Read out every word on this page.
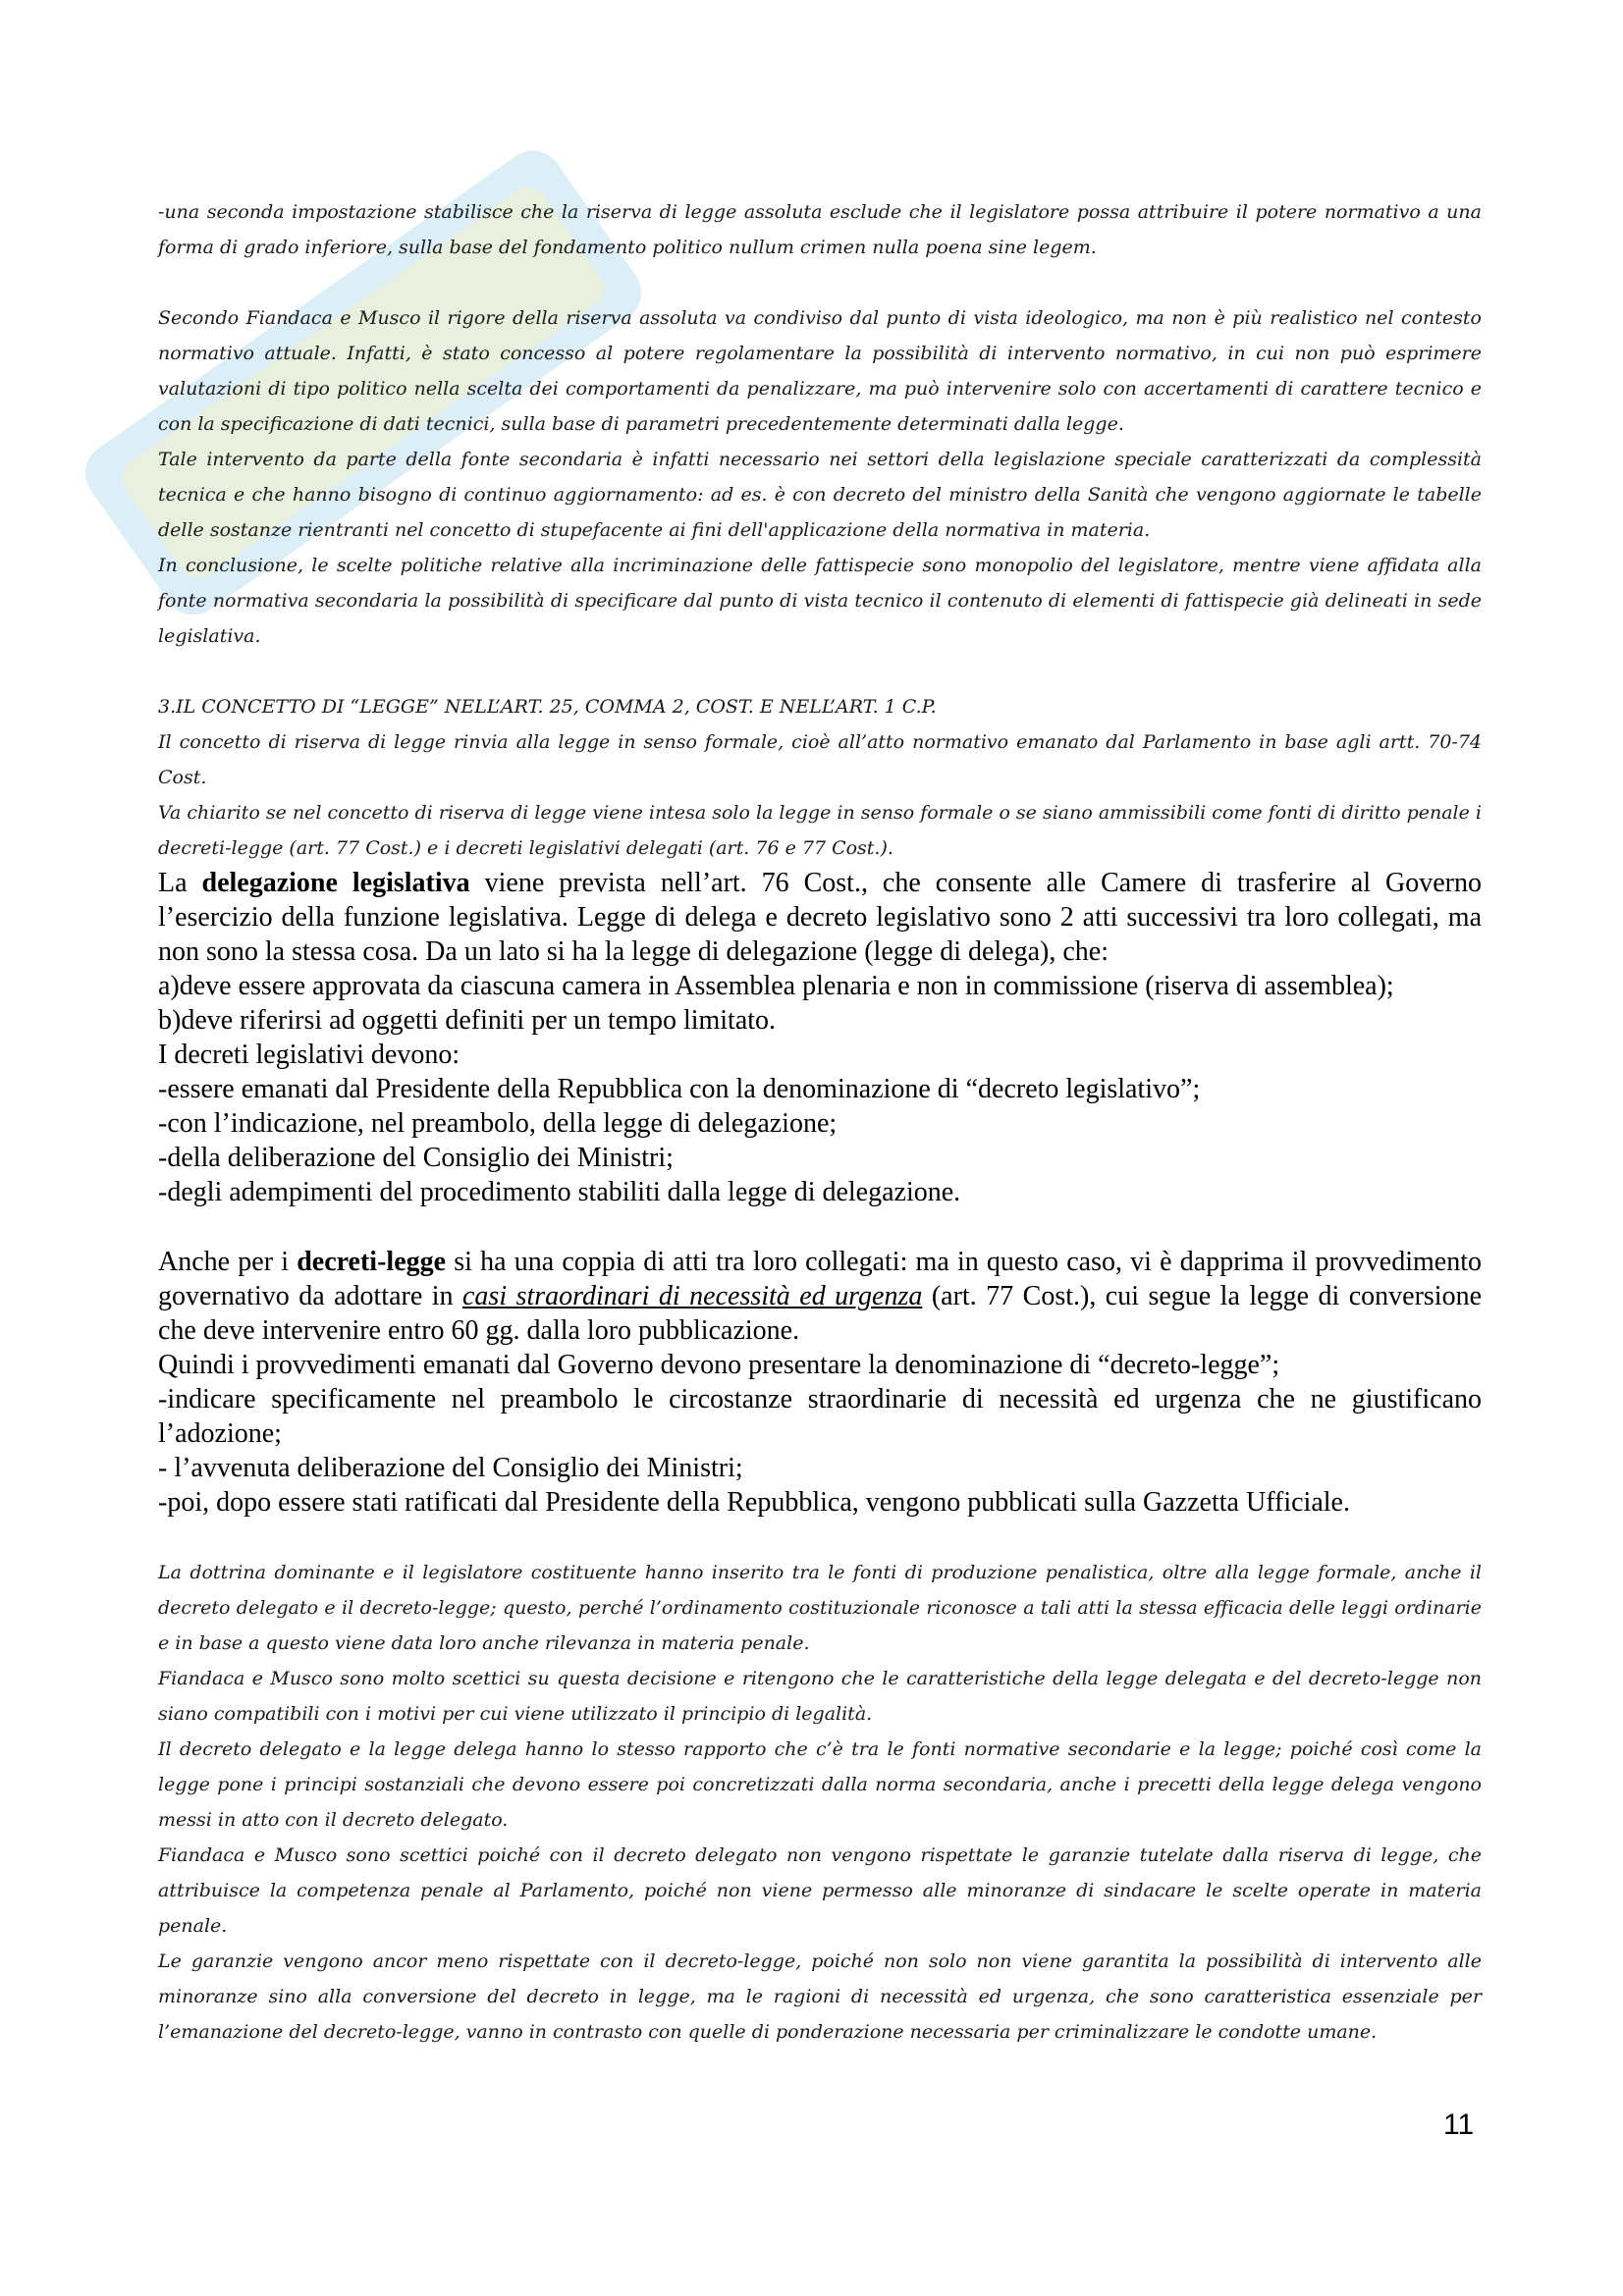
-una seconda impostazione stabilisce che la riserva di legge assoluta esclude che il legislatore possa attribuire il potere normativo a una forma di grado inferiore, sulla base del fondamento politico nullum crimen nulla poena sine legem.

Secondo Fiandaca e Musco il rigore della riserva assoluta va condiviso dal punto di vista ideologico, ma non è più realistico nel contesto normativo attuale. Infatti, è stato concesso al potere regolamentare la possibilità di intervento normativo, in cui non può esprimere valutazioni di tipo politico nella scelta dei comportamenti da penalizzare, ma può intervenire solo con accertamenti di carattere tecnico e con la specificazione di dati tecnici, sulla base di parametri precedentemente determinati dalla legge.

Tale intervento da parte della fonte secondaria è infatti necessario nei settori della legislazione speciale caratterizzati da complessità tecnica e che hanno bisogno di continuo aggiornamento: ad es. è con decreto del ministro della Sanità che vengono aggiornate le tabelle delle sostanze rientranti nel concetto di stupefacente ai fini dell'applicazione della normativa in materia.

In conclusione, le scelte politiche relative alla incriminazione delle fattispecie sono monopolio del legislatore, mentre viene affidata alla fonte normativa secondaria la possibilità di specificare dal punto di vista tecnico il contenuto di elementi di fattispecie già delineati in sede legislativa.

3.IL CONCETTO DI “LEGGE” NELL’ART. 25, COMMA 2, COST. E NELL’ART. 1 C.P.

Il concetto di riserva di legge rinvia alla legge in senso formale, cioè all’atto normativo emanato dal Parlamento in base agli artt. 70-74 Cost.

Va chiarito se nel concetto di riserva di legge viene intesa solo la legge in senso formale o se siano ammissibili come fonti di diritto penale i decreti-legge (art. 77 Cost.) e i decreti legislativi delegati (art. 76 e 77 Cost.).

La delegazione legislativa viene prevista nell’art. 76 Cost., che consente alle Camere di trasferire al Governo l’esercizio della funzione legislativa. Legge di delega e decreto legislativo sono 2 atti successivi tra loro collegati, ma non sono la stessa cosa. Da un lato si ha la legge di delegazione (legge di delega), che:

a)deve essere approvata da ciascuna camera in Assemblea plenaria e non in commissione (riserva di assemblea);

b)deve riferirsi ad oggetti definiti per un tempo limitato.

I decreti legislativi devono:

-essere emanati dal Presidente della Repubblica con la denominazione di “decreto legislativo”;

-con l’indicazione, nel preambolo, della legge di delegazione;

-della deliberazione del Consiglio dei Ministri;

-degli adempimenti del procedimento stabiliti dalla legge di delegazione.

Anche per i decreti-legge si ha una coppia di atti tra loro collegati: ma in questo caso, vi è dapprima il provvedimento governativo da adottare in casi straordinari di necessità ed urgenza (art. 77 Cost.), cui segue la legge di conversione che deve intervenire entro 60 gg. dalla loro pubblicazione.

Quindi i provvedimenti emanati dal Governo devono presentare la denominazione di “decreto-legge”;

-indicare specificamente nel preambolo le circostanze straordinarie di necessità ed urgenza che ne giustificano l’adozione;

- l’avvenuta deliberazione del Consiglio dei Ministri;

-poi, dopo essere stati ratificati dal Presidente della Repubblica, vengono pubblicati sulla Gazzetta Ufficiale.

La dottrina dominante e il legislatore costituente hanno inserito tra le fonti di produzione penalistica, oltre alla legge formale, anche il decreto delegato e il decreto-legge; questo, perché l’ordinamento costituzionale riconosce a tali atti la stessa efficacia delle leggi ordinarie e in base a questo viene data loro anche rilevanza in materia penale.

Fiandaca e Musco sono molto scettici su questa decisione e ritengono che le caratteristiche della legge delegata e del decreto-legge non siano compatibili con i motivi per cui viene utilizzato il principio di legalità.

Il decreto delegato e la legge delega hanno lo stesso rapporto che c’è tra le fonti normative secondarie e la legge; poiché così come la legge pone i principi sostanziali che devono essere poi concretizzati dalla norma secondaria, anche i precetti della legge delega vengono messi in atto con il decreto delegato.

Fiandaca e Musco sono scettici poiché con il decreto delegato non vengono rispettate le garanzie tutelate dalla riserva di legge, che attribuisce la competenza penale al Parlamento, poiché non viene permesso alle minoranze di sindacare le scelte operate in materia penale.

Le garanzie vengono ancor meno rispettate con il decreto-legge, poiché non solo non viene garantita la possibilità di intervento alle minoranze sino alla conversione del decreto in legge, ma le ragioni di necessità ed urgenza, che sono caratteristica essenziale per l’emanazione del decreto-legge, vanno in contrasto con quelle di ponderazione necessaria per criminalizzare le condotte umane.

11
